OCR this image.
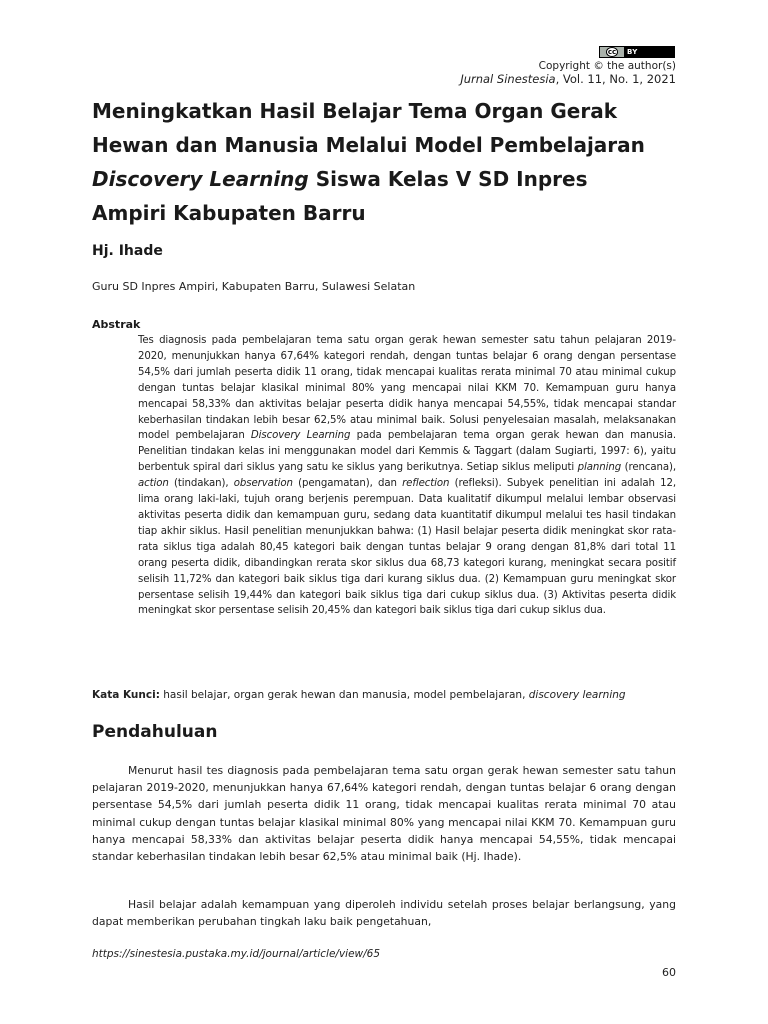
cc	BY
Copyright © the author(s)
Jurnal Sinestesia, Vol. 11, No. 1, 2021
Meningkatkan Hasil Belajar Tema Organ Gerak Hewan dan Manusia Melalui Model Pembelajaran Discovery Learning Siswa Kelas V SD Inpres Ampiri Kabupaten Barru
Hj. Ihade
Guru SD Inpres Ampiri, Kabupaten Barru, Sulawesi Selatan
Abstrak

Tes diagnosis pada pembelajaran tema satu organ gerak hewan semester satu tahun pelajaran 2019-2020, menunjukkan hanya 67,64% kategori rendah, dengan tuntas belajar 6 orang dengan persentase 54,5% dari jumlah peserta didik 11 orang, tidak mencapai kualitas rerata minimal 70 atau minimal cukup dengan tuntas belajar klasikal minimal 80% yang mencapai nilai KKM 70. Kemampuan guru hanya mencapai 58,33% dan aktivitas belajar peserta didik hanya mencapai 54,55%, tidak mencapai standar keberhasilan tindakan lebih besar 62,5% atau minimal baik. Solusi penyelesaian masalah, melaksanakan model pembelajaran Discovery Learning pada pembelajaran tema organ gerak hewan dan manusia. Penelitian tindakan kelas ini menggunakan model dari Kemmis & Taggart (dalam Sugiarti, 1997: 6), yaitu berbentuk spiral dari siklus yang satu ke siklus yang berikutnya. Setiap siklus meliputi planning (rencana), action (tindakan), observation (pengamatan), dan reflection (refleksi). Subyek penelitian ini adalah 12, lima orang laki-laki, tujuh orang berjenis perempuan. Data kualitatif dikumpul melalui lembar observasi aktivitas peserta didik dan kemampuan guru, sedang data kuantitatif dikumpul melalui tes hasil tindakan tiap akhir siklus. Hasil penelitian menunjukkan bahwa: (1) Hasil belajar peserta didik meningkat skor rata-rata siklus tiga adalah 80,45 kategori baik dengan tuntas belajar 9 orang dengan 81,8% dari total 11 orang peserta didik, dibandingkan rerata skor siklus dua 68,73 kategori kurang, meningkat secara positif selisih 11,72% dan kategori baik siklus tiga dari kurang siklus dua. (2) Kemampuan guru meningkat skor persentase selisih 19,44% dan kategori baik siklus tiga dari cukup siklus dua. (3) Aktivitas peserta didik meningkat skor persentase selisih 20,45% dan kategori baik siklus tiga dari cukup siklus dua.

Kata Kunci: hasil belajar, organ gerak hewan dan manusia, model pembelajaran, discovery learning
Pendahuluan

Menurut hasil tes diagnosis pada pembelajaran tema satu organ gerak hewan semester satu tahun pelajaran 2019-2020, menunjukkan hanya 67,64% kategori rendah, dengan tuntas belajar 6 orang dengan persentase 54,5% dari jumlah peserta didik 11 orang, tidak mencapai kualitas rerata minimal 70 atau minimal cukup dengan tuntas belajar klasikal minimal 80% yang mencapai nilai KKM 70. Kemampuan guru hanya mencapai 58,33% dan aktivitas belajar peserta didik hanya mencapai 54,55%, tidak mencapai standar keberhasilan tindakan lebih besar 62,5% atau minimal baik (Hj. Ihade).

Hasil belajar adalah kemampuan yang diperoleh individu setelah proses belajar berlangsung, yang dapat memberikan perubahan tingkah laku baik pengetahuan,

https://sinestesia.pustaka.my.id/journal/article/view/65
60
